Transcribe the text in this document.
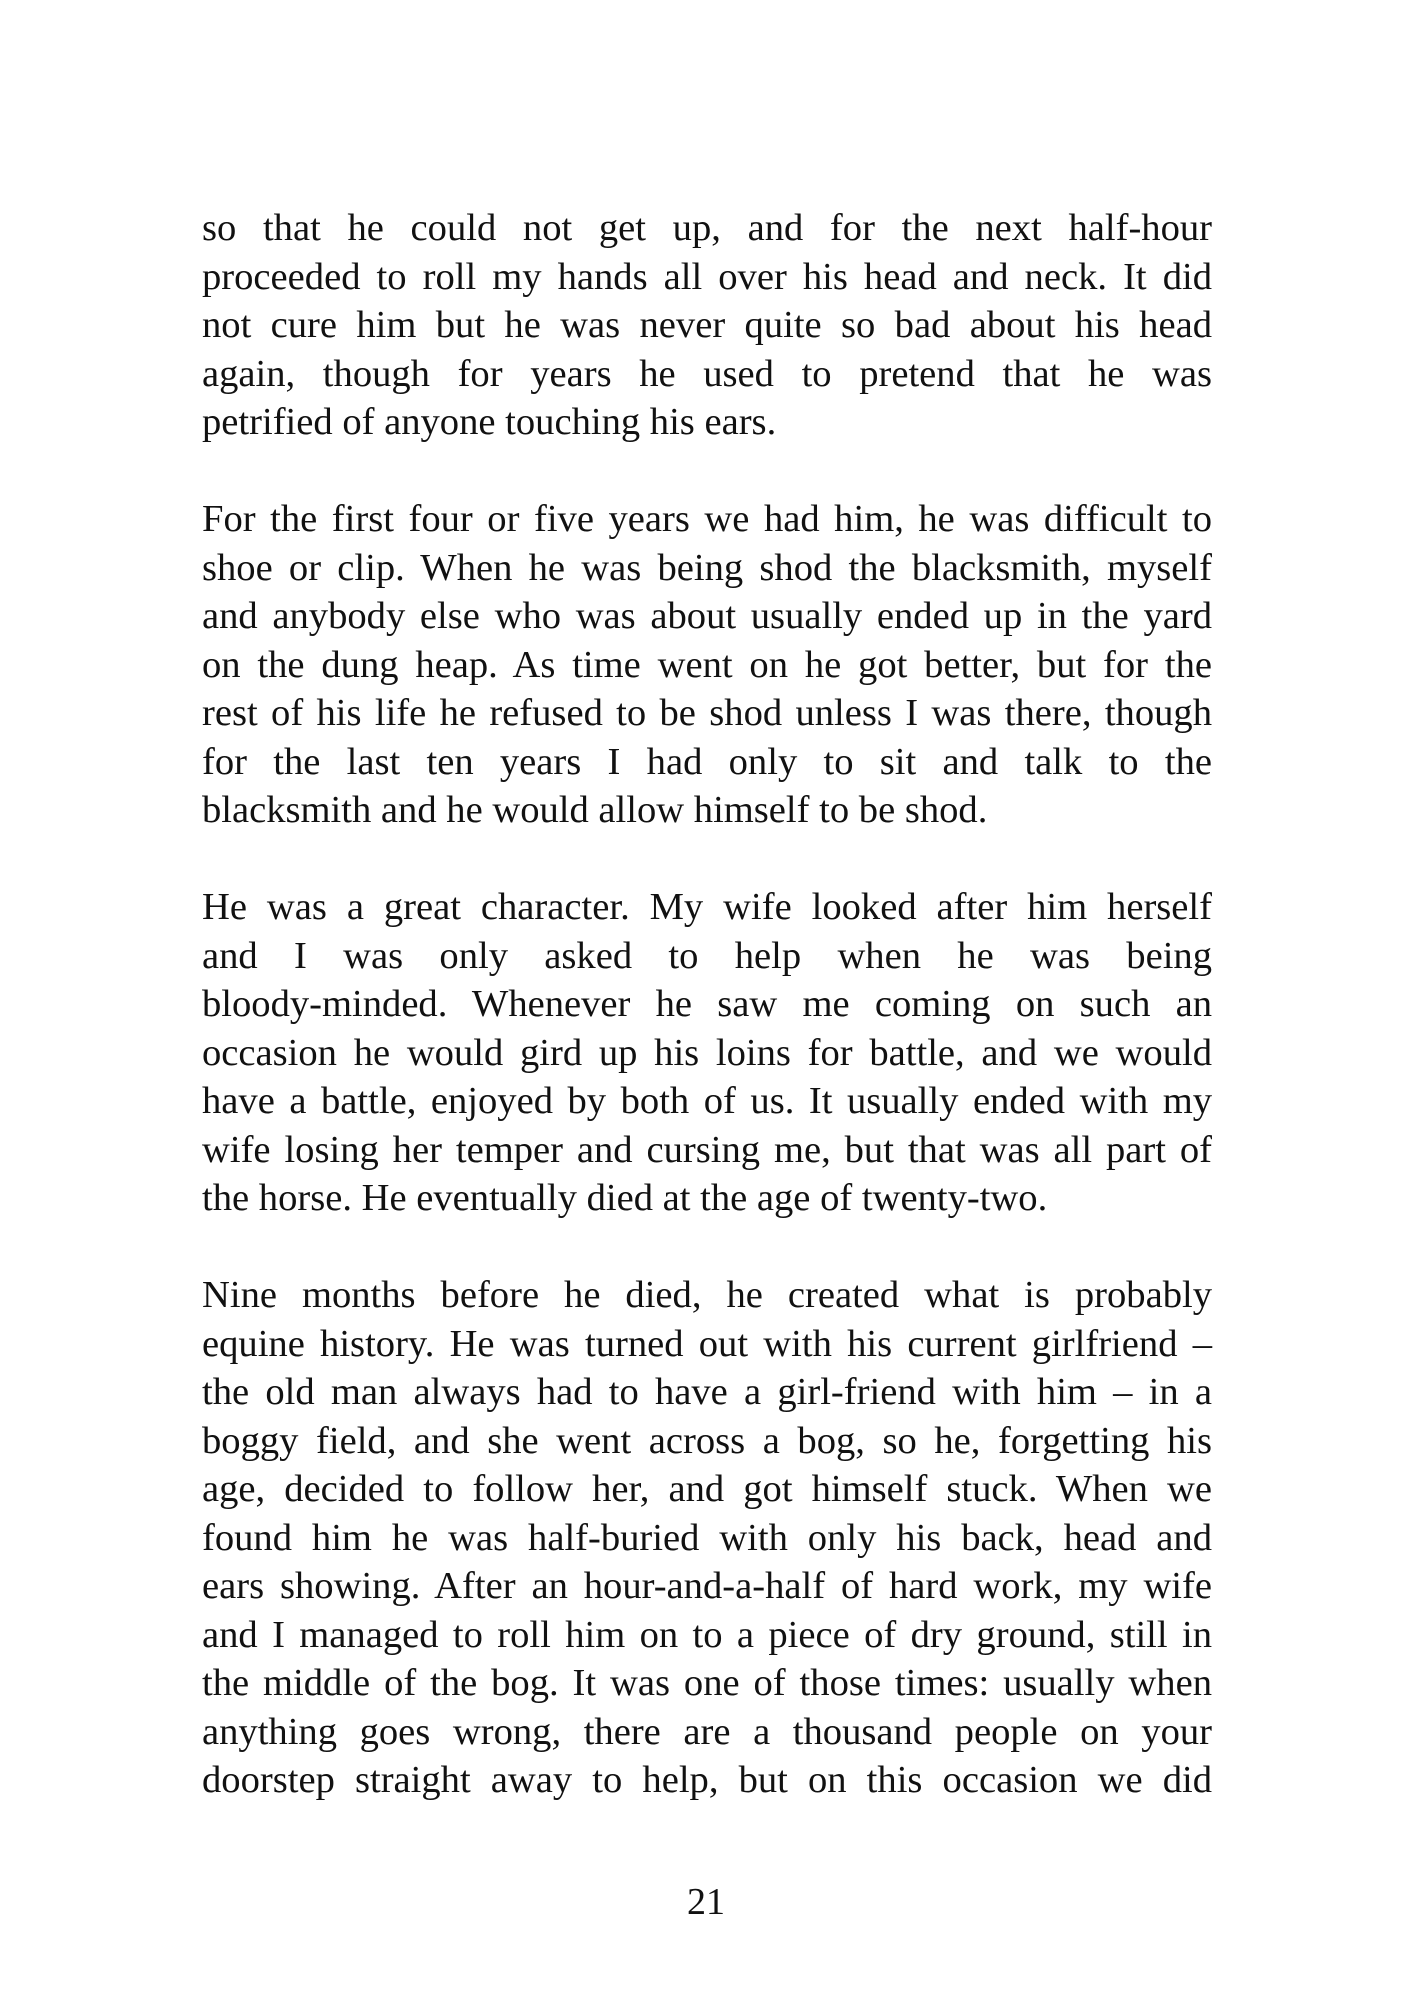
so that he could not get up, and for the next half-hour
proceeded to roll my hands all over his head and neck. It did
not cure him but he was never quite so bad about his head
again, though for years he used to pretend that he was
petrified of anyone touching his ears.
For the first four or five years we had him, he was difficult to
shoe or clip. When he was being shod the blacksmith, myself
and anybody else who was about usually ended up in the yard
on the dung heap. As time went on he got better, but for the
rest of his life he refused to be shod unless I was there, though
for the last ten years I had only to sit and talk to the
blacksmith and he would allow himself to be shod.
He was a great character. My wife looked after him herself
and I was only asked to help when he was being
bloody-minded. Whenever he saw me coming on such an
occasion he would gird up his loins for battle, and we would
have a battle, enjoyed by both of us. It usually ended with my
wife losing her temper and cursing me, but that was all part of
the horse. He eventually died at the age of twenty-two.
Nine months before he died, he created what is probably
equine history. He was turned out with his current girlfriend –
the old man always had to have a girl-friend with him – in a
boggy field, and she went across a bog, so he, forgetting his
age, decided to follow her, and got himself stuck. When we
found him he was half-buried with only his back, head and
ears showing. After an hour-and-a-half of hard work, my wife
and I managed to roll him on to a piece of dry ground, still in
the middle of the bog. It was one of those times: usually when
anything goes wrong, there are a thousand people on your
doorstep straight away to help, but on this occasion we did
21
